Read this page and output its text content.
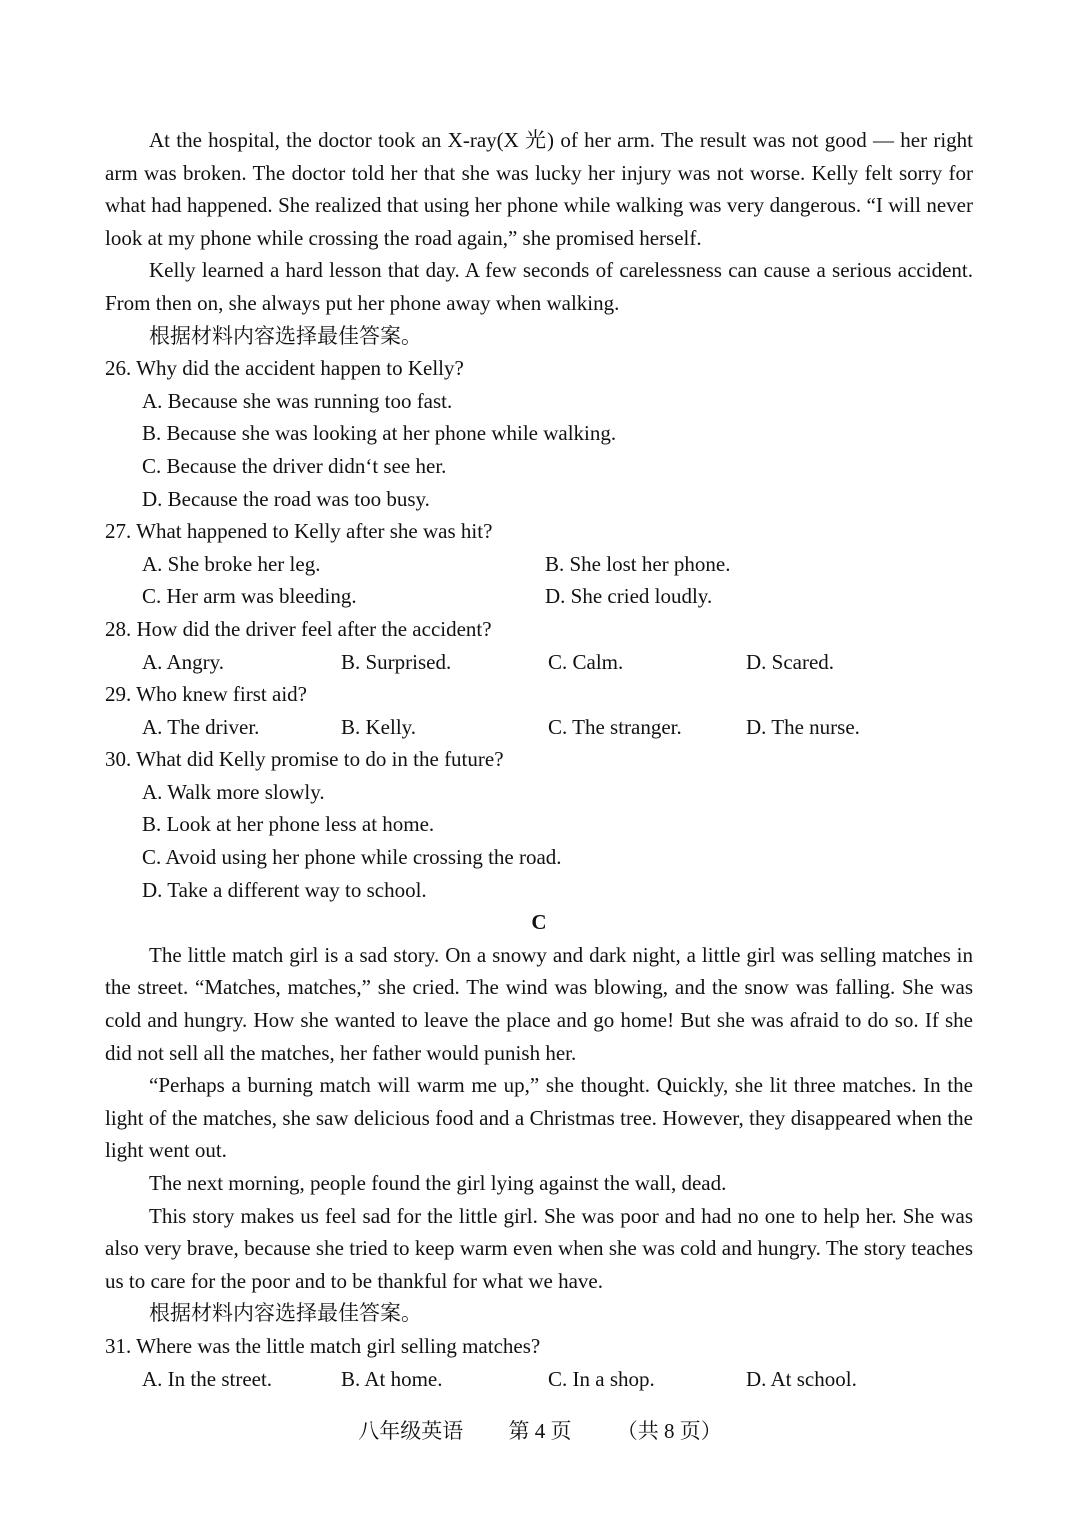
At the hospital, the doctor took an X-ray(X 光) of her arm. The result was not good — her right arm was broken. The doctor told her that she was lucky her injury was not worse. Kelly felt sorry for what had happened. She realized that using her phone while walking was very dangerous. “I will never look at my phone while crossing the road again,” she promised herself.

Kelly learned a hard lesson that day. A few seconds of carelessness can cause a serious accident. From then on, she always put her phone away when walking.

根据材料内容选择最佳答案。

26. Why did the accident happen to Kelly?

A. Because she was running too fast.

B. Because she was looking at her phone while walking.

C. Because the driver didn‘t see her.

D. Because the road was too busy.

27. What happened to Kelly after she was hit?

A. She broke her leg.	B. She lost her phone.
C. Her arm was bleeding.	D. She cried loudly.

28. How did the driver feel after the accident?

A. Angry.	B. Surprised.	C. Calm.	D. Scared.

29. Who knew first aid?

A. The driver.	B. Kelly.	C. The stranger.	D. The nurse.

30. What did Kelly promise to do in the future?

A. Walk more slowly.

B. Look at her phone less at home.

C. Avoid using her phone while crossing the road.

D. Take a different way to school.

C

The little match girl is a sad story. On a snowy and dark night, a little girl was selling matches in the street. “Matches, matches,” she cried. The wind was blowing, and the snow was falling. She was cold and hungry. How she wanted to leave the place and go home! But she was afraid to do so. If she did not sell all the matches, her father would punish her.

“Perhaps a burning match will warm me up,” she thought. Quickly, she lit three matches. In the light of the matches, she saw delicious food and a Christmas tree. However, they disappeared when the light went out.

The next morning, people found the girl lying against the wall, dead.

This story makes us feel sad for the little girl. She was poor and had no one to help her. She was also very brave, because she tried to keep warm even when she was cold and hungry. The story teaches us to care for the poor and to be thankful for what we have.

根据材料内容选择最佳答案。

31. Where was the little match girl selling matches?

A. In the street.	B. At home.	C. In a shop.	D. At school.
八年级英语 第 4 页 （共 8 页）
